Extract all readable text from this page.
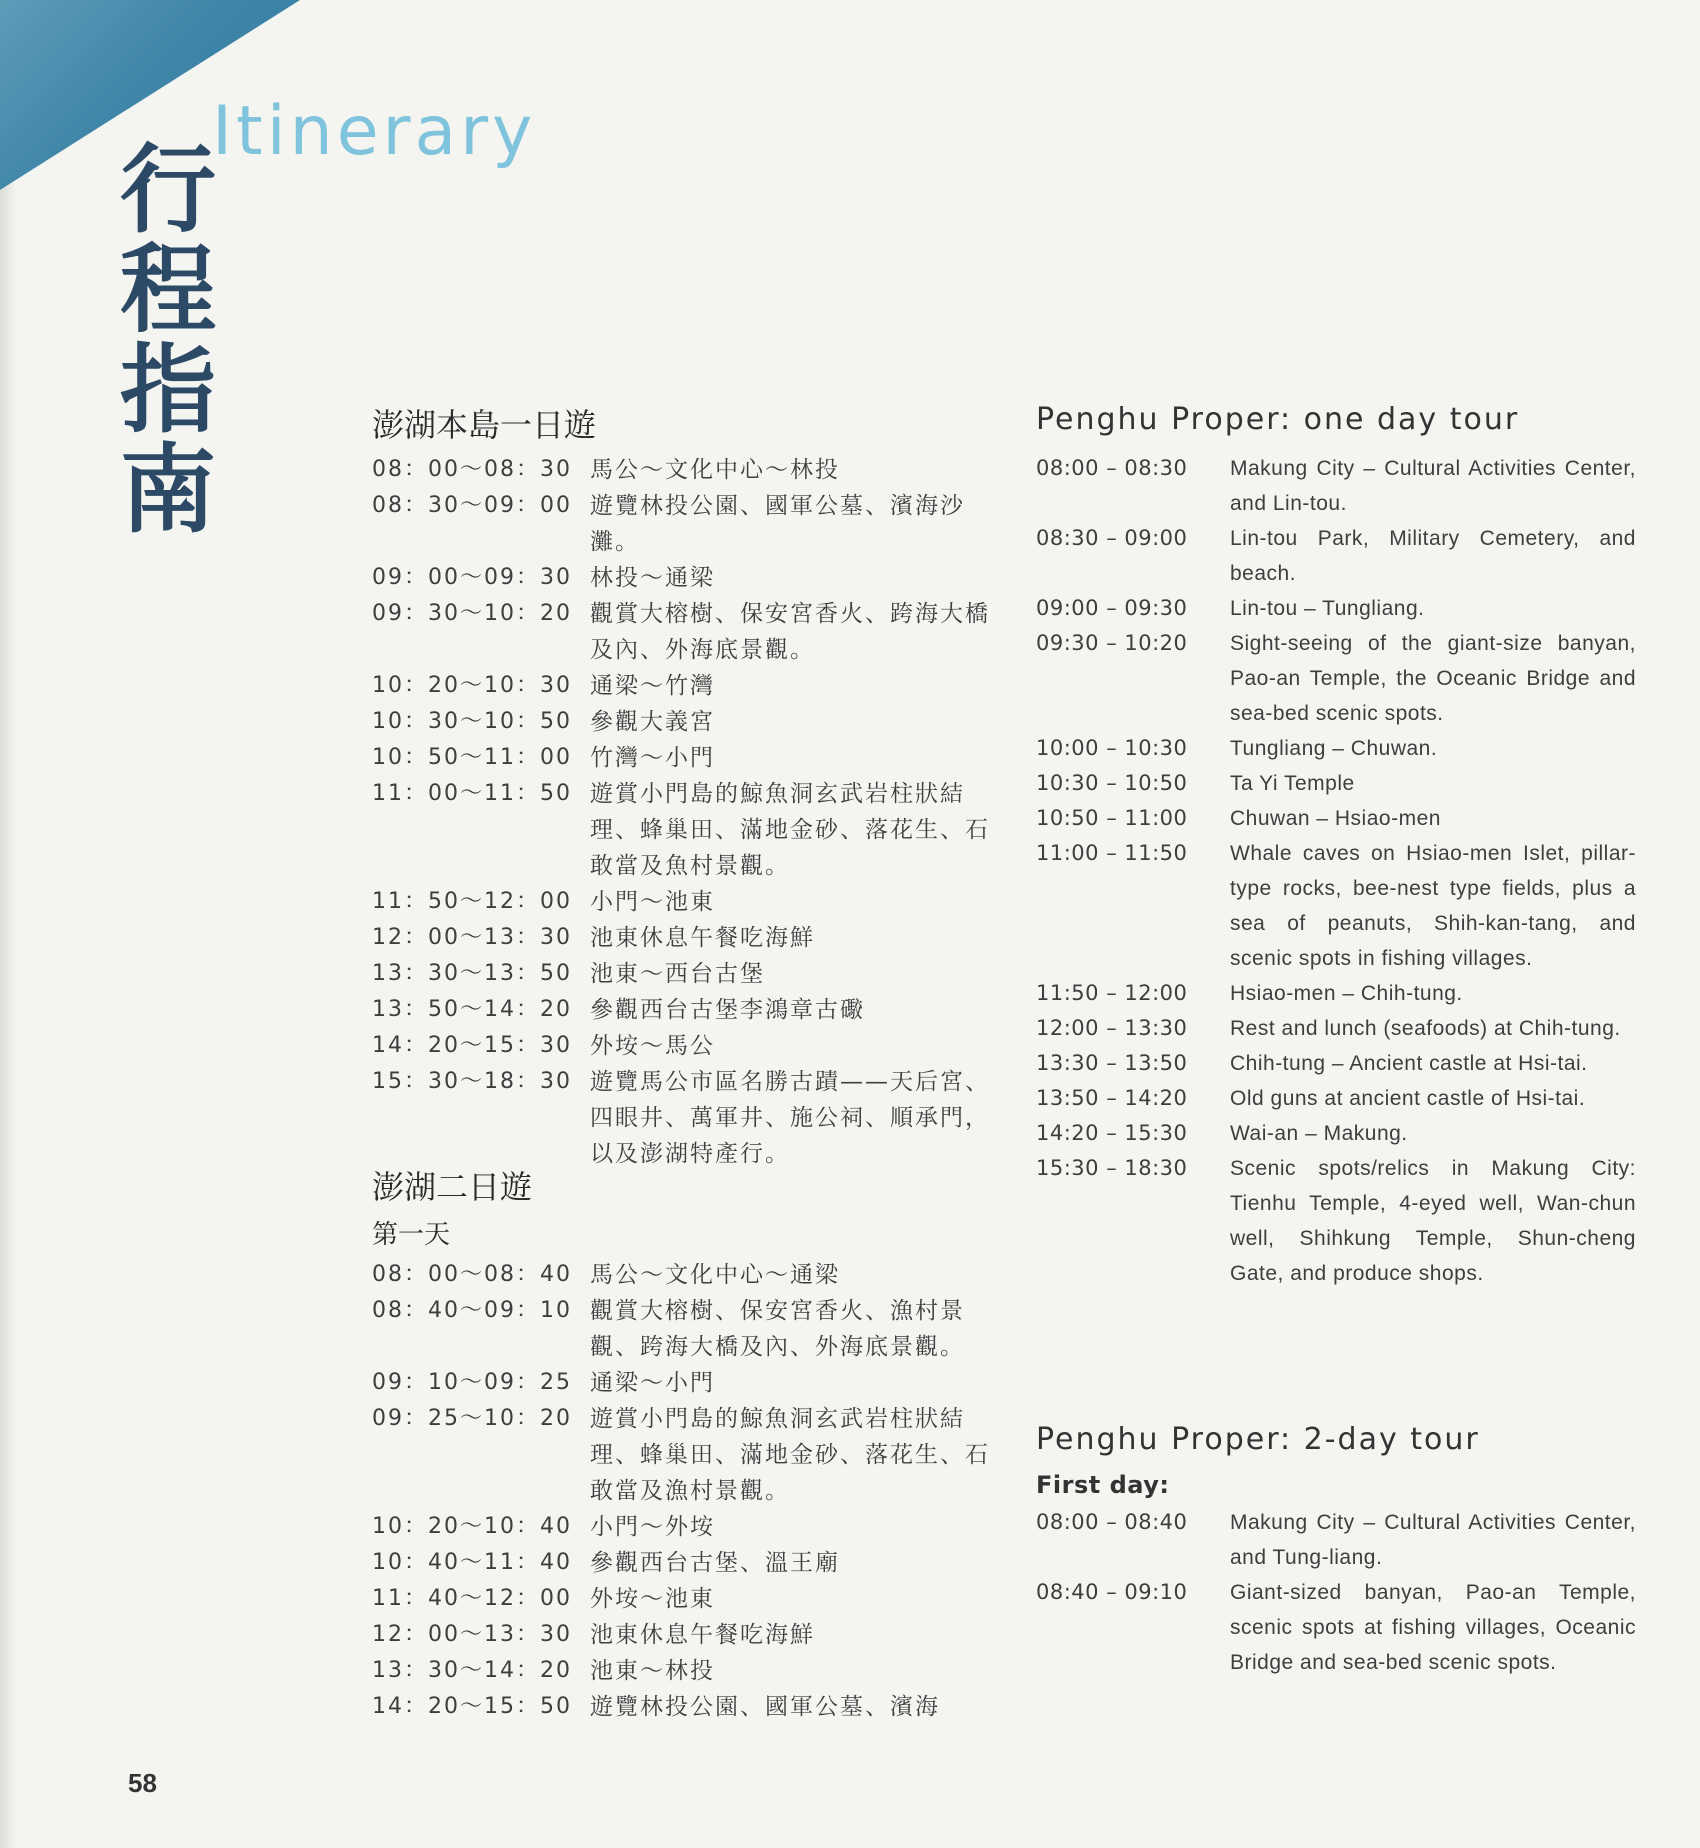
Itinerary
行程指南
澎湖本島一日遊
08：00～08：30 馬公～文化中心～林投
08：30～09：00 遊覽林投公園、國軍公墓、濱海沙灘。
09：00～09：30 林投～通梁
09：30～10：20 觀賞大榕樹、保安宮香火、跨海大橋及內、外海底景觀。
10：20～10：30 通梁～竹灣
10：30～10：50 參觀大義宮
10：50～11：00 竹灣～小門
11：00～11：50 遊賞小門島的鯨魚洞玄武岩柱狀結理、蜂巢田、滿地金砂、落花生、石敢當及魚村景觀。
11：50～12：00 小門～池東
12：00～13：30 池東休息午餐吃海鮮
13：30～13：50 池東～西台古堡
13：50～14：20 參觀西台古堡李鴻章古礮
14：20～15：30 外垵～馬公
15：30～18：30 遊覽馬公市區名勝古蹟——天后宮、四眼井、萬軍井、施公祠、順承門，以及澎湖特產行。
澎湖二日遊
第一天
08：00～08：40 馬公～文化中心～通梁
08：40～09：10 觀賞大榕樹、保安宮香火、漁村景觀、跨海大橋及內、外海底景觀。
09：10～09：25 通梁～小門
09：25～10：20 遊賞小門島的鯨魚洞玄武岩柱狀結理、蜂巢田、滿地金砂、落花生、石敢當及漁村景觀。
10：20～10：40 小門～外垵
10：40～11：40 參觀西台古堡、溫王廟
11：40～12：00 外垵～池東
12：00～13：30 池東休息午餐吃海鮮
13：30～14：20 池東～林投
14：20～15：50 遊覽林投公園、國軍公墓、濱海
Penghu Proper: one day tour
08:00 – 08:30	Makung City – Cultural Activities Center, and Lin-tou.
08:30 – 09:00	Lin-tou Park, Military Cemetery, and beach.
09:00 – 09:30	Lin-tou – Tungliang.
09:30 – 10:20	Sight-seeing of the giant-size banyan, Pao-an Temple, the Oceanic Bridge and sea-bed scenic spots.
10:00 – 10:30	Tungliang – Chuwan.
10:30 – 10:50	Ta Yi Temple
10:50 – 11:00	Chuwan – Hsiao-men
11:00 – 11:50	Whale caves on Hsiao-men Islet, pillar-type rocks, bee-nest type fields, plus a sea of peanuts, Shih-kan-tang, and scenic spots in fishing villages.
11:50 – 12:00	Hsiao-men – Chih-tung.
12:00 – 13:30	Rest and lunch (seafoods) at Chih-tung.
13:30 – 13:50	Chih-tung – Ancient castle at Hsi-tai.
13:50 – 14:20	Old guns at ancient castle of Hsi-tai.
14:20 – 15:30	Wai-an – Makung.
15:30 – 18:30	Scenic spots/relics in Makung City: Tienhu Temple, 4-eyed well, Wan-chun well, Shihkung Temple, Shun-cheng Gate, and produce shops.
Penghu Proper: 2-day tour
First day:
08:00 – 08:40	Makung City – Cultural Activities Center, and Tung-liang.
08:40 – 09:10	Giant-sized banyan, Pao-an Temple, scenic spots at fishing villages, Oceanic Bridge and sea-bed scenic spots.
58
